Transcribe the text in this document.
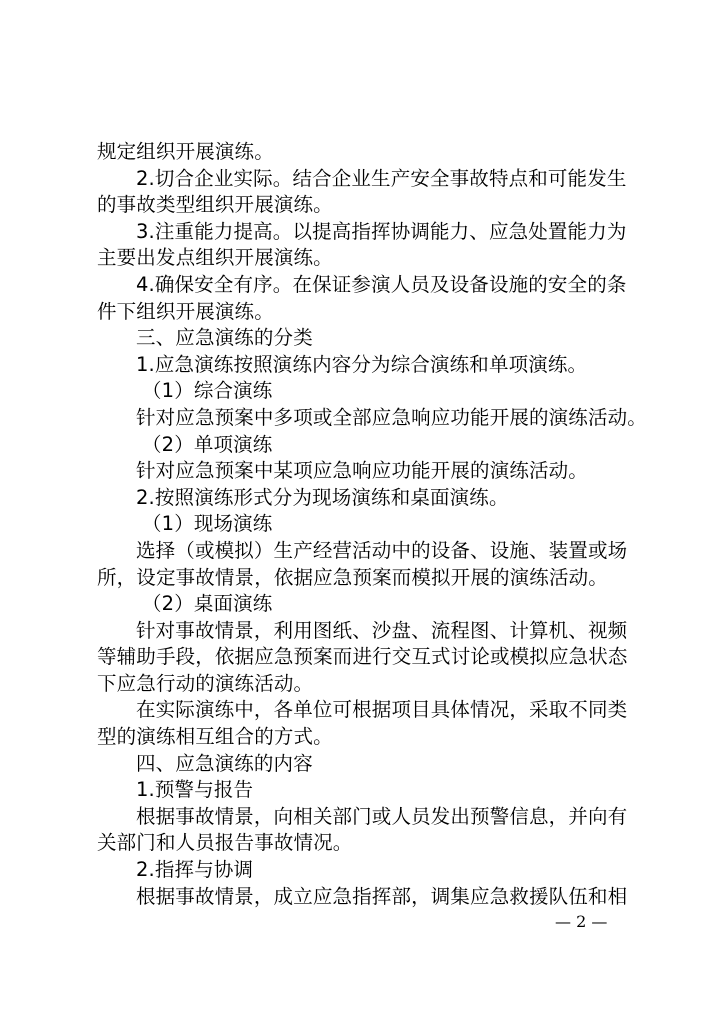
规定组织开展演练。
2.切合企业实际。结合企业生产安全事故特点和可能发生
的事故类型组织开展演练。
3.注重能力提高。以提高指挥协调能力、应急处置能力为
主要出发点组织开展演练。
4.确保安全有序。在保证参演人员及设备设施的安全的条
件下组织开展演练。
三、应急演练的分类
1.应急演练按照演练内容分为综合演练和单项演练。
（1）综合演练
针对应急预案中多项或全部应急响应功能开展的演练活动。
（2）单项演练
针对应急预案中某项应急响应功能开展的演练活动。
2.按照演练形式分为现场演练和桌面演练。
（1）现场演练
选择（或模拟）生产经营活动中的设备、设施、装置或场
所，设定事故情景，依据应急预案而模拟开展的演练活动。
（2）桌面演练
针对事故情景，利用图纸、沙盘、流程图、计算机、视频
等辅助手段，依据应急预案而进行交互式讨论或模拟应急状态
下应急行动的演练活动。
在实际演练中，各单位可根据项目具体情况，采取不同类
型的演练相互组合的方式。
四、应急演练的内容
1.预警与报告
根据事故情景，向相关部门或人员发出预警信息，并向有
关部门和人员报告事故情况。
2.指挥与协调
根据事故情景，成立应急指挥部，调集应急救援队伍和相
— 2 —
